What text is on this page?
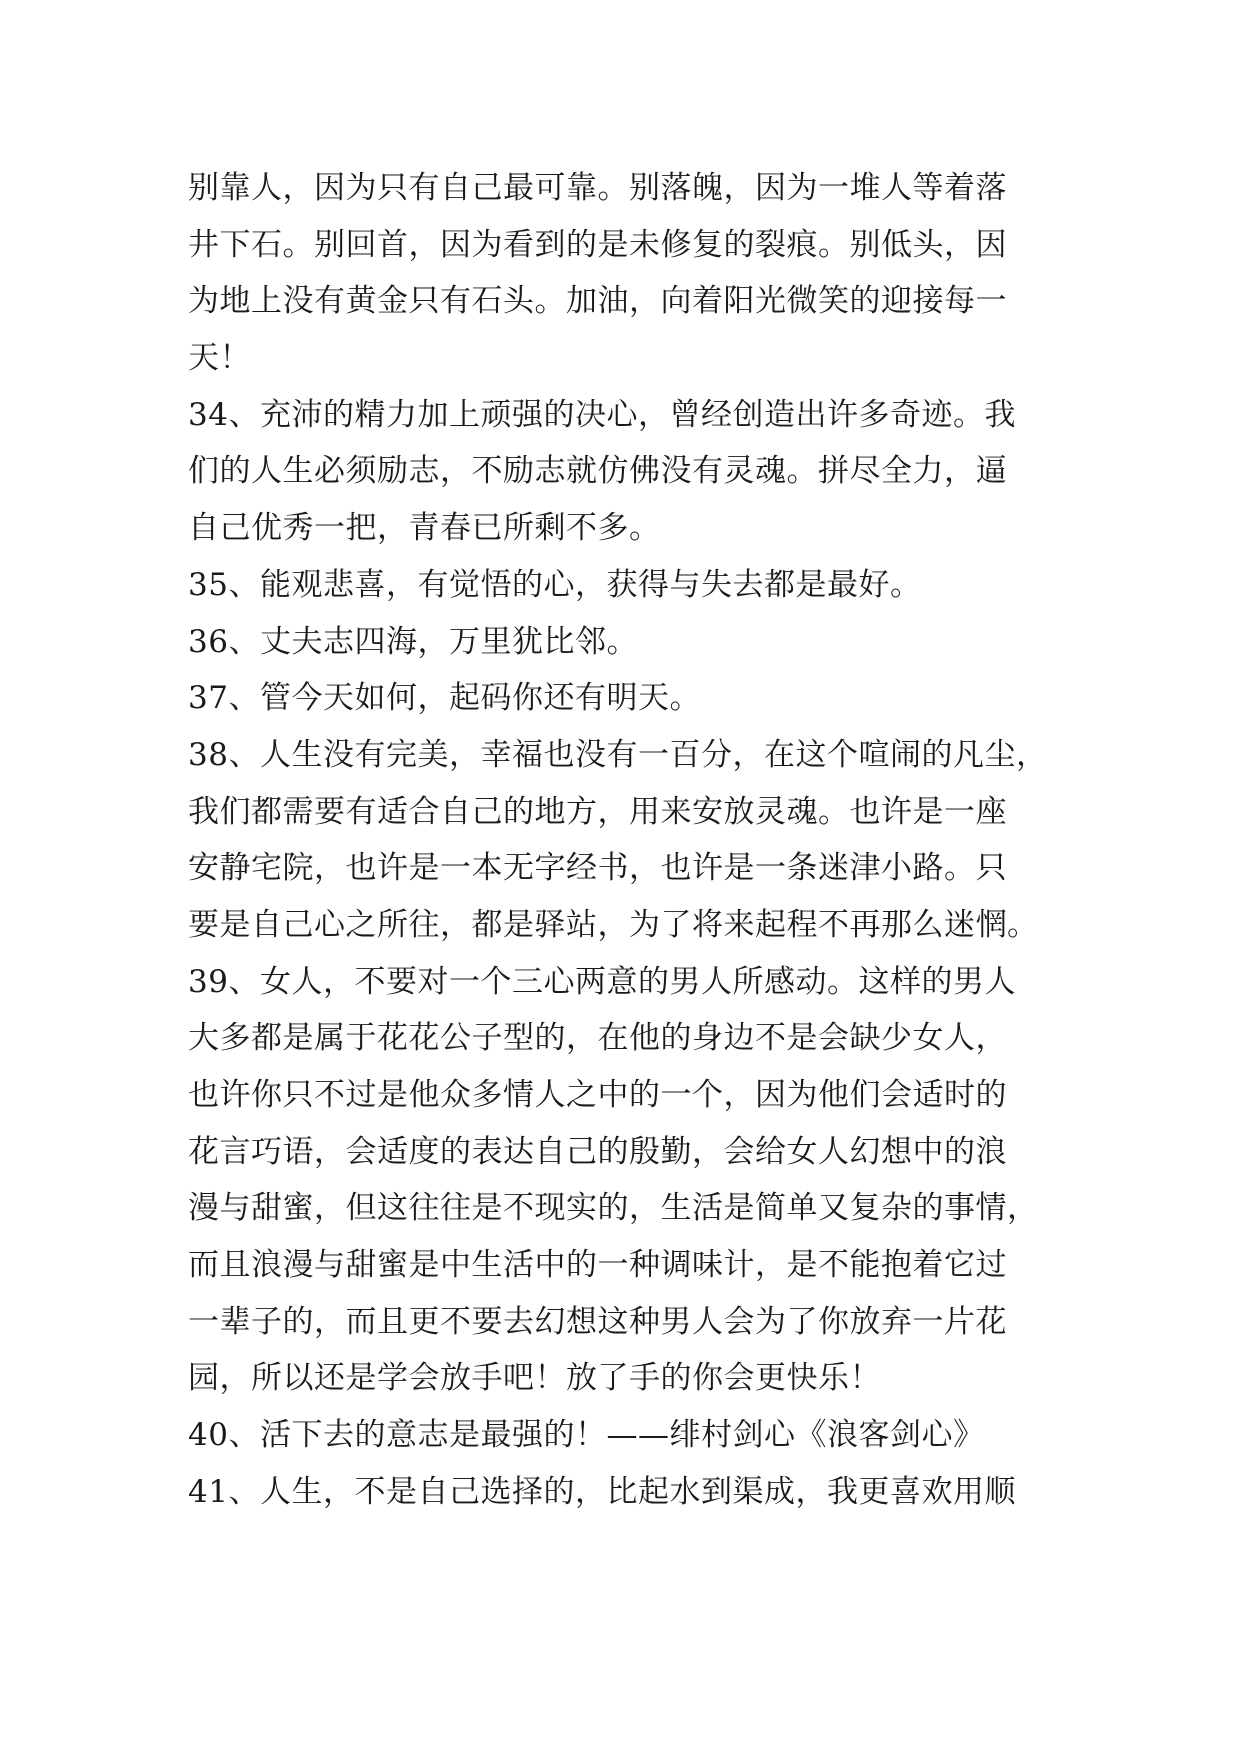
别靠人，因为只有自己最可靠。别落魄，因为一堆人等着落
井下石。别回首，因为看到的是未修复的裂痕。别低头，因
为地上没有黄金只有石头。加油，向着阳光微笑的迎接每一
天！
34、充沛的精力加上顽强的决心，曾经创造出许多奇迹。我
们的人生必须励志，不励志就仿佛没有灵魂。拼尽全力，逼
自己优秀一把，青春已所剩不多。
35、能观悲喜，有觉悟的心，获得与失去都是最好。
36、丈夫志四海，万里犹比邻。
37、管今天如何，起码你还有明天。
38、人生没有完美，幸福也没有一百分，在这个喧闹的凡尘，
我们都需要有适合自己的地方，用来安放灵魂。也许是一座
安静宅院，也许是一本无字经书，也许是一条迷津小路。只
要是自己心之所往，都是驿站，为了将来起程不再那么迷惘。
39、女人，不要对一个三心两意的男人所感动。这样的男人
大多都是属于花花公子型的，在他的身边不是会缺少女人，
也许你只不过是他众多情人之中的一个，因为他们会适时的
花言巧语，会适度的表达自己的殷勤，会给女人幻想中的浪
漫与甜蜜，但这往往是不现实的，生活是简单又复杂的事情，
而且浪漫与甜蜜是中生活中的一种调味计，是不能抱着它过
一辈子的，而且更不要去幻想这种男人会为了你放弃一片花
园，所以还是学会放手吧！放了手的你会更快乐！
40、活下去的意志是最强的！——绯村剑心《浪客剑心》
41、人生，不是自己选择的，比起水到渠成，我更喜欢用顺
